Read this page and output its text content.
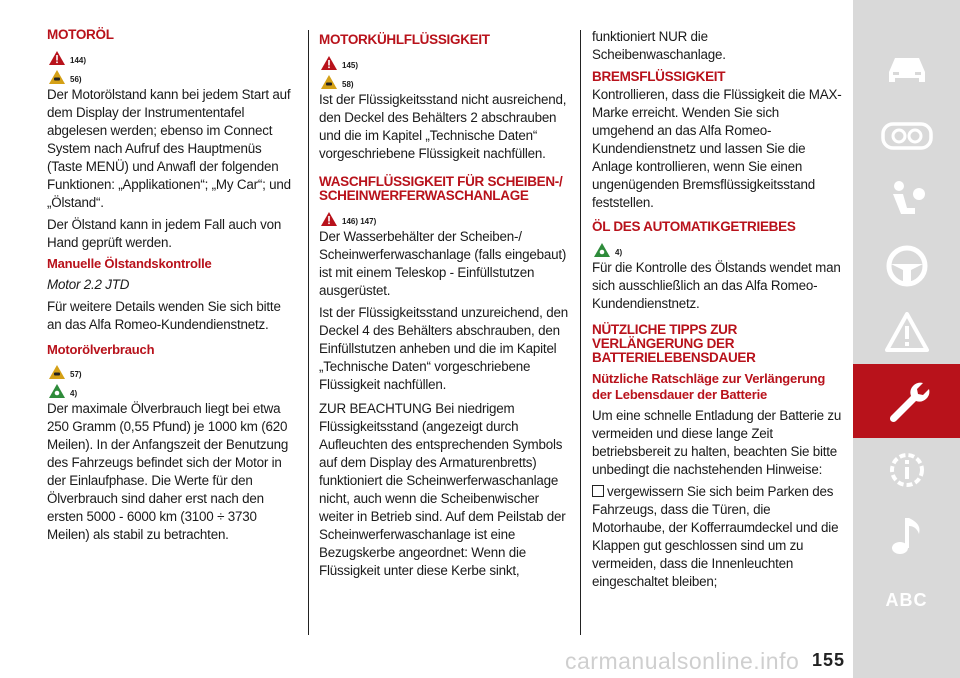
MOTORÖL
144)
56)

Der Motorölstand kann bei jedem Start auf dem Display der Instrumententafel abgelesen werden; ebenso im Connect System nach Aufruf des Hauptmenüs (Taste MENÜ) und Anwafl der folgenden Funktionen: „Applikationen“; „My Car“; und „Ölstand“.

Der Ölstand kann in jedem Fall auch von Hand geprüft werden.

Manuelle Ölstandskontrolle

Motor 2.2 JTD

Für weitere Details wenden Sie sich bitte an das Alfa Romeo-Kundendienstnetz.

Motorölverbrauch
57)
4)

Der maximale Ölverbrauch liegt bei etwa 250 Gramm (0,55 Pfund) je 1000 km (620 Meilen). In der Anfangszeit der Benutzung des Fahrzeugs befindet sich der Motor in der Einlaufphase. Die Werte für den Ölverbrauch sind daher erst nach den ersten 5000 - 6000 km (3100 ÷ 3730 Meilen) als stabil zu betrachten.

MOTORKÜHLFLÜSSIGKEIT
145)
58)

Ist der Flüssigkeitsstand nicht ausreichend, den Deckel des Behälters 2 abschrauben und die im Kapitel „Technische Daten“ vorgeschriebene Flüssigkeit nachfüllen.

WASCHFLÜSSIGKEIT FÜR SCHEIBEN-/ SCHEINWERFERWASCHANLAGE
146) 147)

Der Wasserbehälter der Scheiben-/ Scheinwerferwaschanlage (falls eingebaut) ist mit einem Teleskop - Einfüllstutzen ausgerüstet.

Ist der Flüssigkeitsstand unzureichend, den Deckel 4 des Behälters abschrauben, den Einfüllstutzen anheben und die im Kapitel „Technische Daten“ vorgeschriebene Flüssigkeit nachfüllen.

ZUR BEACHTUNG Bei niedrigem Flüssigkeitsstand (angezeigt durch Aufleuchten des entsprechenden Symbols auf dem Display des Armaturenbretts) funktioniert die Scheinwerferwaschanlage nicht, auch wenn die Scheibenwischer weiter in Betrieb sind. Auf dem Peilstab der Scheinwerferwaschanlage ist eine Bezugskerbe angeordnet: Wenn die Flüssigkeit unter diese Kerbe sinkt,

funktioniert NUR die Scheibenwaschanlage.

BREMSFLÜSSIGKEIT

Kontrollieren, dass die Flüssigkeit die MAX-Marke erreicht. Wenden Sie sich umgehend an das Alfa Romeo-Kundendienstnetz und lassen Sie die Anlage kontrollieren, wenn Sie einen ungenügenden Bremsflüssigkeitsstand feststellen.

ÖL DES AUTOMATIKGETRIEBES
4)

Für die Kontrolle des Ölstands wendet man sich ausschließlich an das Alfa Romeo-Kundendienstnetz.

NÜTZLICHE TIPPS ZUR VERLÄNGERUNG DER BATTERIELEBENSDAUER
Nützliche Ratschläge zur Verlängerung der Lebensdauer der Batterie

Um eine schnelle Entladung der Batterie zu vermeiden und diese lange Zeit betriebsbereit zu halten, beachten Sie bitte unbedingt die nachstehenden Hinweise:

vergewissern Sie sich beim Parken des Fahrzeugs, dass die Türen, die Motorhaube, der Kofferraumdeckel und die Klappen gut geschlossen sind um zu vermeiden, dass die Innenleuchten eingeschaltet bleiben;

ABC
carmanualsonline.info 155
